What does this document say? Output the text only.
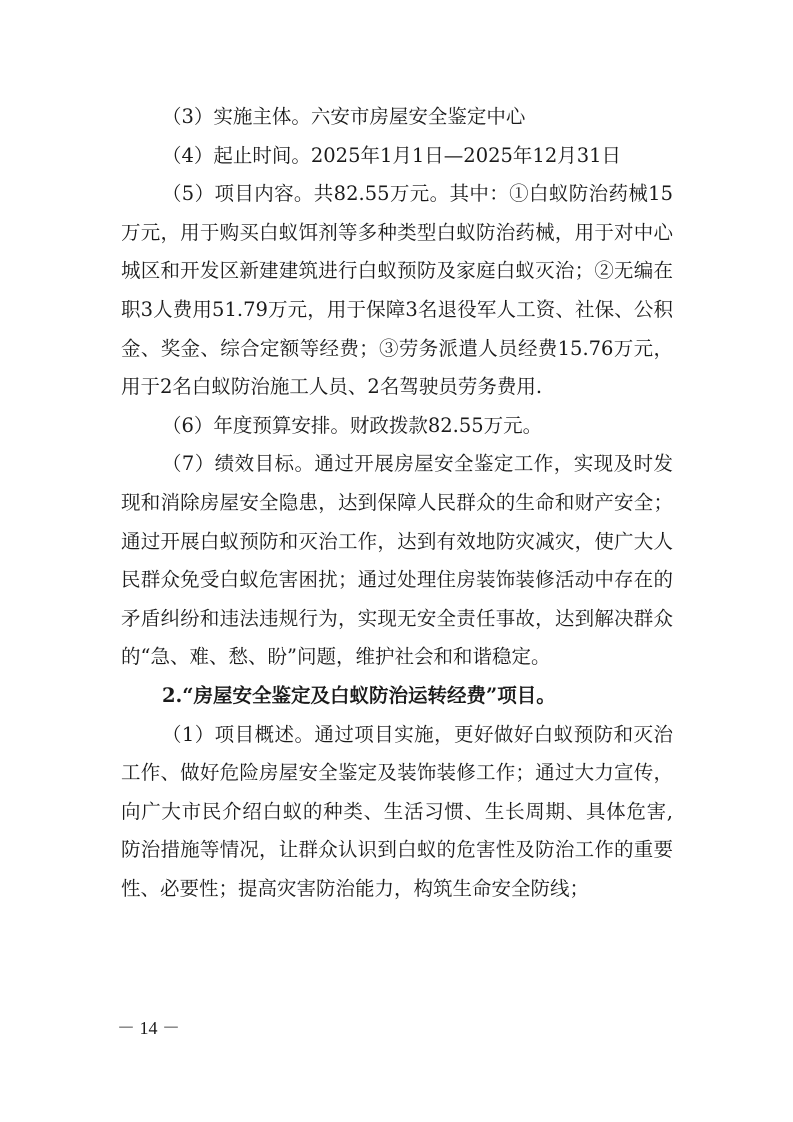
（3）实施主体。六安市房屋安全鉴定中心

（4）起止时间。2025年1月1日—2025年12月31日

（5）项目内容。共82.55万元。其中：①白蚁防治药械15万元，用于购买白蚁饵剂等多种类型白蚁防治药械，用于对中心城区和开发区新建建筑进行白蚁预防及家庭白蚁灭治；②无编在职3人费用51.79万元，用于保障3名退役军人工资、社保、公积金、奖金、综合定额等经费；③劳务派遣人员经费15.76万元，用于2名白蚁防治施工人员、2名驾驶员劳务费用.

（6）年度预算安排。财政拨款82.55万元。

（7）绩效目标。通过开展房屋安全鉴定工作，实现及时发现和消除房屋安全隐患，达到保障人民群众的生命和财产安全；通过开展白蚁预防和灭治工作，达到有效地防灾减灾，使广大人民群众免受白蚁危害困扰；通过处理住房装饰装修活动中存在的矛盾纠纷和违法违规行为，实现无安全责任事故，达到解决群众的“急、难、愁、盼”问题，维护社会和和谐稳定。

2.“房屋安全鉴定及白蚁防治运转经费”项目。

（1）项目概述。通过项目实施，更好做好白蚁预防和灭治工作、做好危险房屋安全鉴定及装饰装修工作；通过大力宣传，向广大市民介绍白蚁的种类、生活习惯、生长周期、具体危害,防治措施等情况，让群众认识到白蚁的危害性及防治工作的重要性、必要性；提高灾害防治能力，构筑生命安全防线；

－ 14 －
